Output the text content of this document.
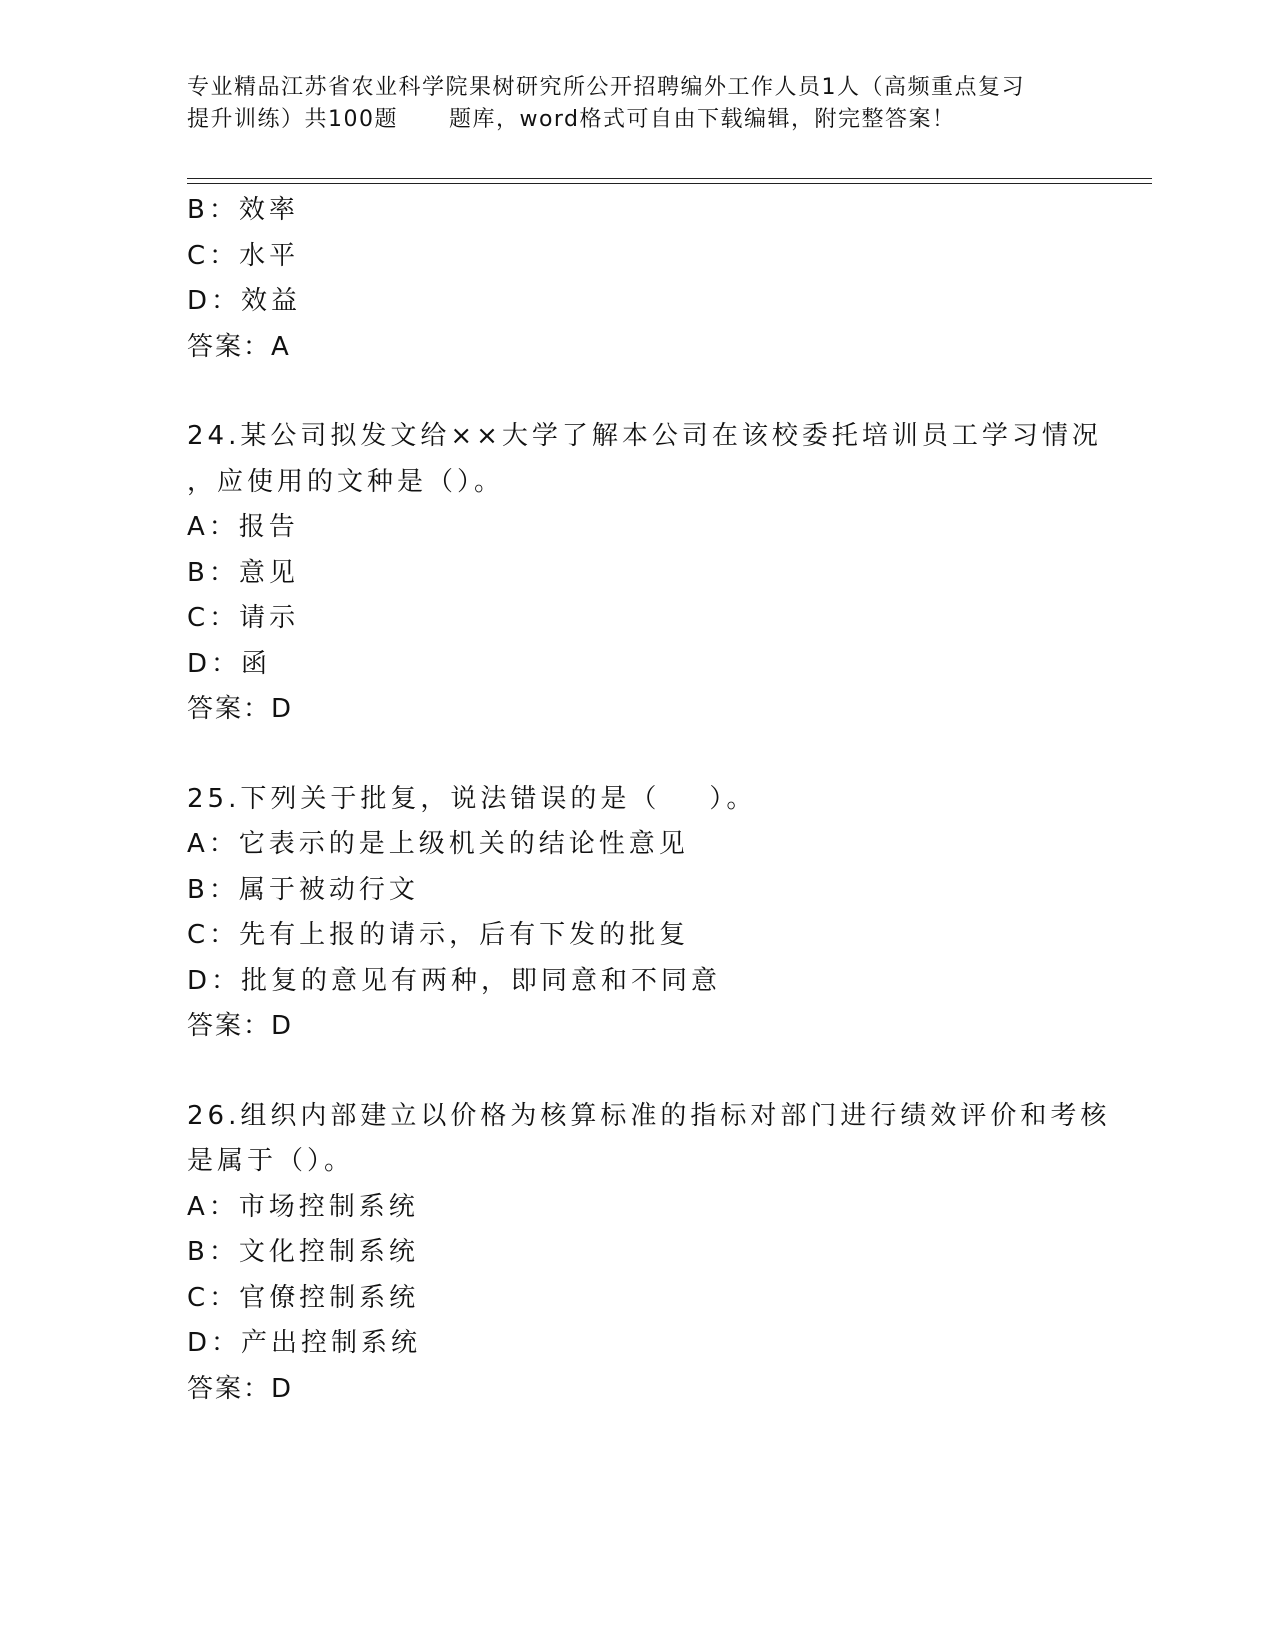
专业精品江苏省农业科学院果树研究所公开招聘编外工作人员1人（高频重点复习
提升训练）共100题      题库，word格式可自由下载编辑，附完整答案！
B：效率
C：水平
D：效益
答案：A
24.某公司拟发文给××大学了解本公司在该校委托培训员工学习情况
，应使用的文种是（）。
A：报告
B：意见
C：请示
D：函
答案：D
25.下列关于批复，说法错误的是（    ）。
A：它表示的是上级机关的结论性意见
B：属于被动行文
C：先有上报的请示，后有下发的批复
D：批复的意见有两种，即同意和不同意
答案：D
26.组织内部建立以价格为核算标准的指标对部门进行绩效评价和考核
是属于（）。
A：市场控制系统
B：文化控制系统
C：官僚控制系统
D：产出控制系统
答案：D
